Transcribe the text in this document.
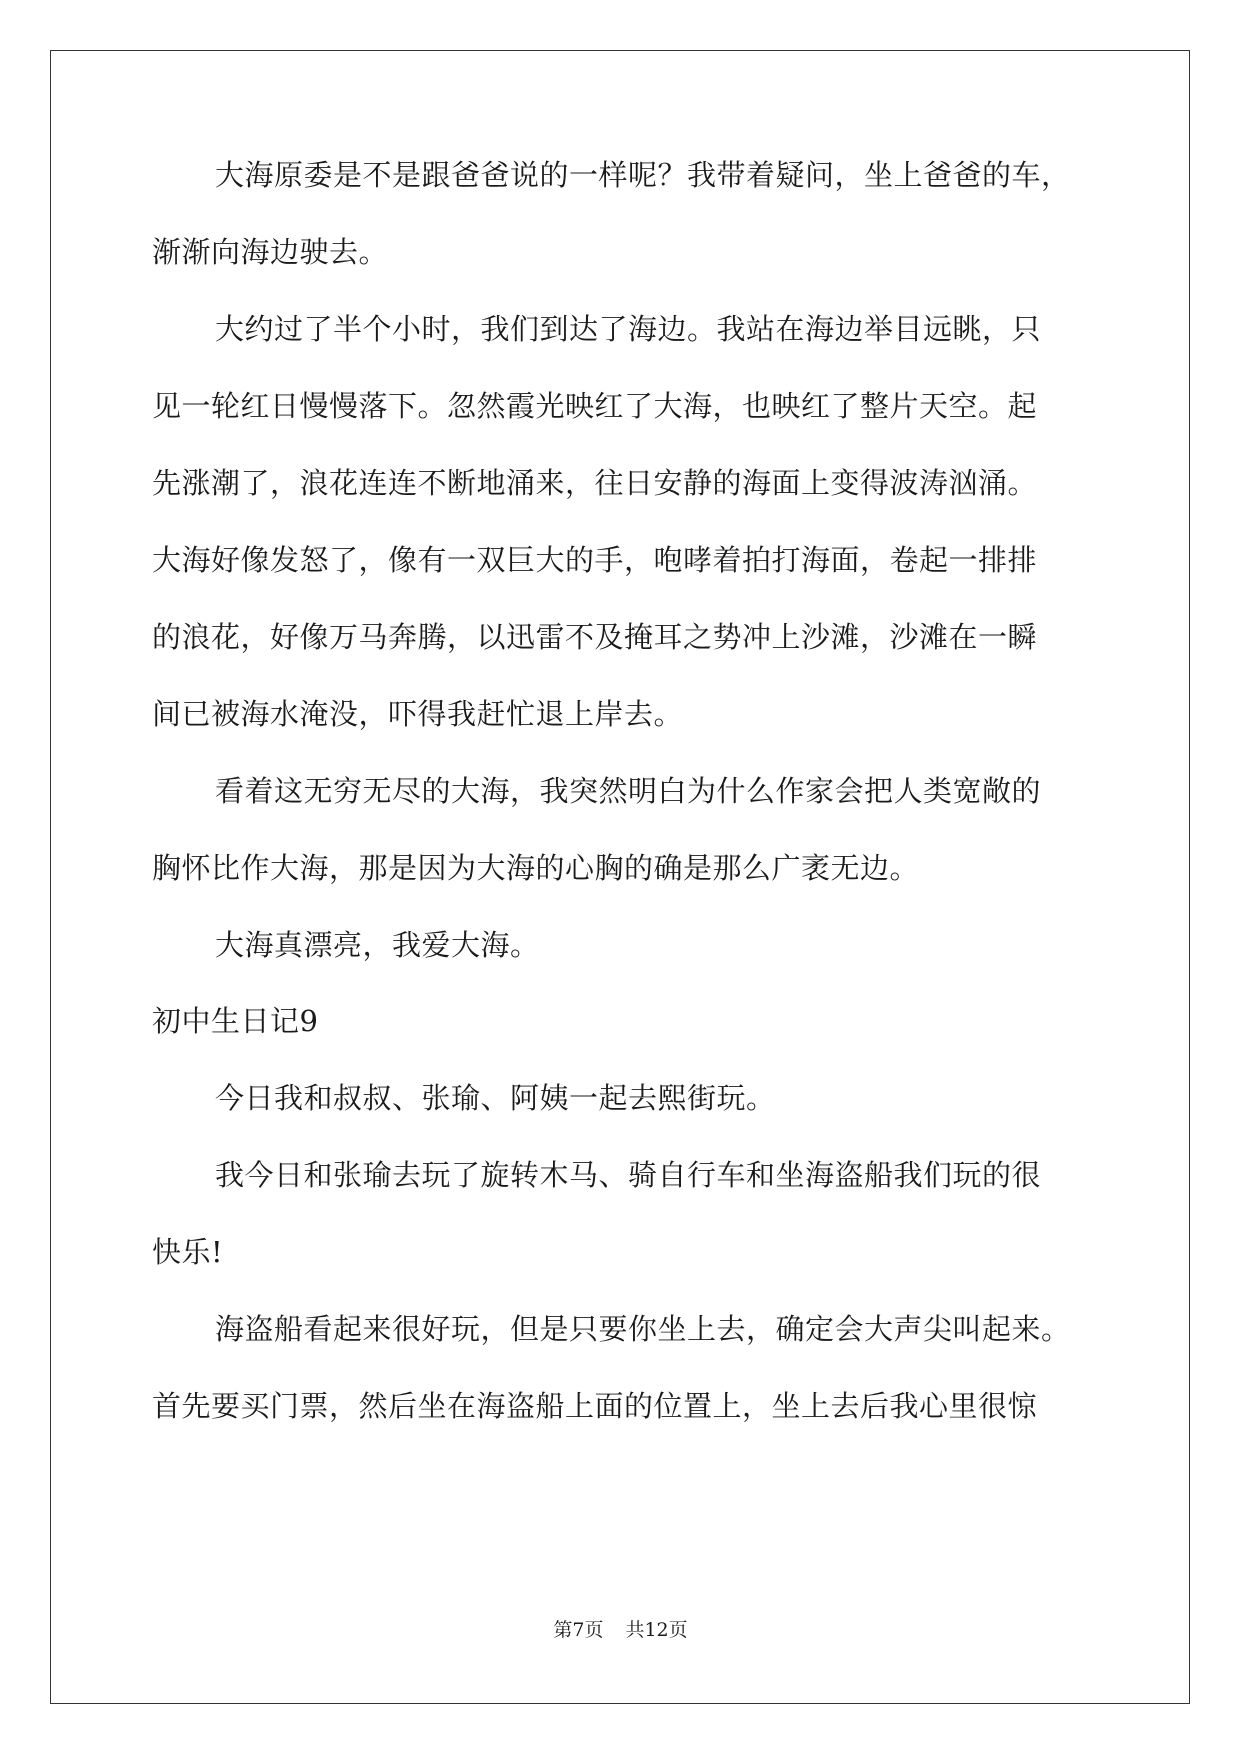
大海原委是不是跟爸爸说的一样呢？我带着疑问，坐上爸爸的车，
渐渐向海边驶去。
大约过了半个小时，我们到达了海边。我站在海边举目远眺，只
见一轮红日慢慢落下。忽然霞光映红了大海，也映红了整片天空。起
先涨潮了，浪花连连不断地涌来，往日安静的海面上变得波涛汹涌。
大海好像发怒了，像有一双巨大的手，咆哮着拍打海面，卷起一排排
的浪花，好像万马奔腾，以迅雷不及掩耳之势冲上沙滩，沙滩在一瞬
间已被海水淹没，吓得我赶忙退上岸去。
看着这无穷无尽的大海，我突然明白为什么作家会把人类宽敞的
胸怀比作大海，那是因为大海的心胸的确是那么广袤无边。
大海真漂亮，我爱大海。
初中生日记9
今日我和叔叔、张瑜、阿姨一起去熙街玩。
我今日和张瑜去玩了旋转木马、骑自行车和坐海盗船我们玩的很
快乐!
海盗船看起来很好玩，但是只要你坐上去，确定会大声尖叫起来。
首先要买门票，然后坐在海盗船上面的位置上，坐上去后我心里很惊
第7页 共12页
